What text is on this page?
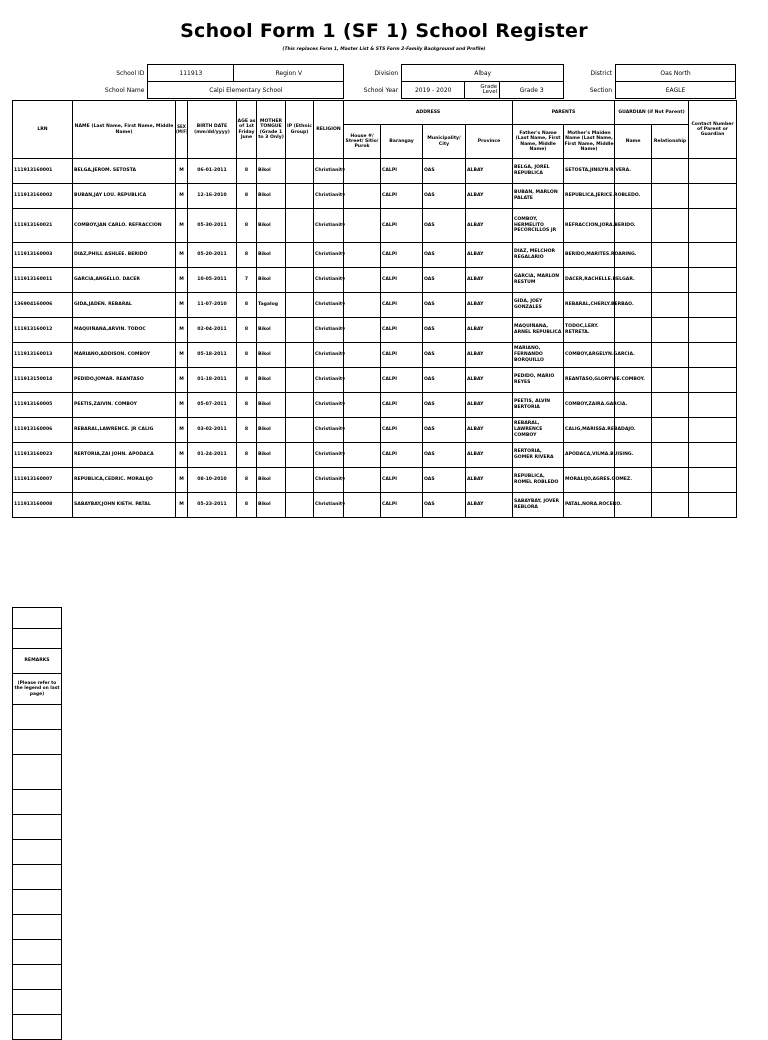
School Form 1 (SF 1) School Register
(This replaces Form 1, Master List & STS Form 2-Family Background and Profile)
School ID	111913	Region V	Division	Albay	District	Oas North
School Name	Calpi Elementary School	School Year		2019 - 2020	Grade Level	Grade 3
		Section	EAGLE
LRN	NAME (Last Name, First Name, Middle Name)	SEX (M/F)	BIRTH DATE (mm/dd/yyyy)	AGE as of 1st Friday June	MOTHER TONGUE (Grade 1 to 3 Only)	IP (Ethnic Group)	RELIGION	ADDRESS				PARENTS		GUARDIAN (if Not Parent)		Contact Number of Parent or Guardian
								House #/ Street/ Sitio/ Purok	Barangay	Municipality/ City	Province	Father's Name (Last Name, First Name, Middle Name)	Mother's Maiden Name (Last Name, First Name, Middle Name)	Name	Relationship	
111913160001	BELGA,JEROM. SETOSTA	M	06-01-2011	8	Bikol		Christianity		CALPI	OAS	ALBAY	BELGA, JOREL REPUBLICA	SETOSTA,JINILYN.RIVERA.			
111913160002	BUBAN,JAY LOU. REPUBLICA	M	12-16-2010	8	Bikol		Christianity		CALPI	OAS	ALBAY	BUBAN, MARLON PALATE	REPUBLICA,JERICE.ROBLEDO.			
111913160021	COMBOY,JAN CARLO. REFRACCION	M	05-30-2011	8	Bikol		Christianity		CALPI	OAS	ALBAY	COMBOY, HERMELITO PECORCILLOS JR	REFRACCION,JORA.BERIDO.			
111913160003	DIAZ,PHILL ASHLEE. BERIDO	M	05-20-2011	8	Bikol		Christianity		CALPI	OAS	ALBAY	DIAZ, MELCHOR REGALARIO	BERIDO,MARITES.ROARING.			
111913160011	GARCIA,ANGELLO. DACER	M	10-05-2011	7	Bikol		Christianity		CALPI	OAS	ALBAY	GARCIA, MARLON RESTUM	DACER,RACHELLE.BELGAR.			
136904160006	GIDA,JADEN. REBARAL	M	11-07-2010	8	Tagalog		Christianity		CALPI	OAS	ALBAY	GIDA, JOEY GONZALES	REBARAL,CHERLY.BERBAO.			
111913160012	MAQUIÑANA,ARVIN. TODOC	M	02-04-2011	8	Bikol		Christianity		CALPI	OAS	ALBAY	MAQUIÑANA, ARNEL REPUBLICA	TODOC,LERY. RETRETA.			
111913160013	MARIANO,ADDISON. COMBOY	M	05-18-2011	8	Bikol		Christianity		CALPI	OAS	ALBAY	MARIANO, FERNANDO BORQUILLO	COMBOY,ARGELYN.GARCIA.			
111913150014	PEDIDO,JOMAR. REANTASO	M	01-18-2011	8	Bikol		Christianity		CALPI	OAS	ALBAY	PEDIDO, MARIO REYES	REANTASO,GLORYVIE.COMBOY.			
111913160005	PEETIS,ZAIVIN. COMBOY	M	05-07-2011	8	Bikol		Christianity		CALPI	OAS	ALBAY	PEETIS, ALVIN BERTORIA	COMBOY,ZAIRA.GARCIA.			
111913160006	REBARAL,LAWRENCE. JR CALIG	M	03-02-2011	8	Bikol		Christianity		CALPI	OAS	ALBAY	REBARAL, LAWRENCE COMBOY	CALIG,MARISSA.REBADAJO.			
111913160023	RERTORIA,ZAI JOHN. APODACA	M	01-24-2011	8	Bikol		Christianity		CALPI	OAS	ALBAY	RERTORIA, GOMER RIVERA	APODACA,VILMA.BUISING.			
111913160007	REPUBLICA,CEDRIC. MORALIJO	M	08-10-2010	8	Bikol		Christianity		CALPI	OAS	ALBAY	REPUBLICA, ROMEL ROBLEDO	MORALIJO,AGRES.GOMEZ.			
111913160008	SABAYBAY,JOHN KIETH. PATAL	M	05-23-2011	8	Bikol		Christianity		CALPI	OAS	ALBAY	SABAYBAY, JOVER REBLORA	PATAL,NORA.ROCERO.			

REMARKS
(Please refer to the legend on last page)
